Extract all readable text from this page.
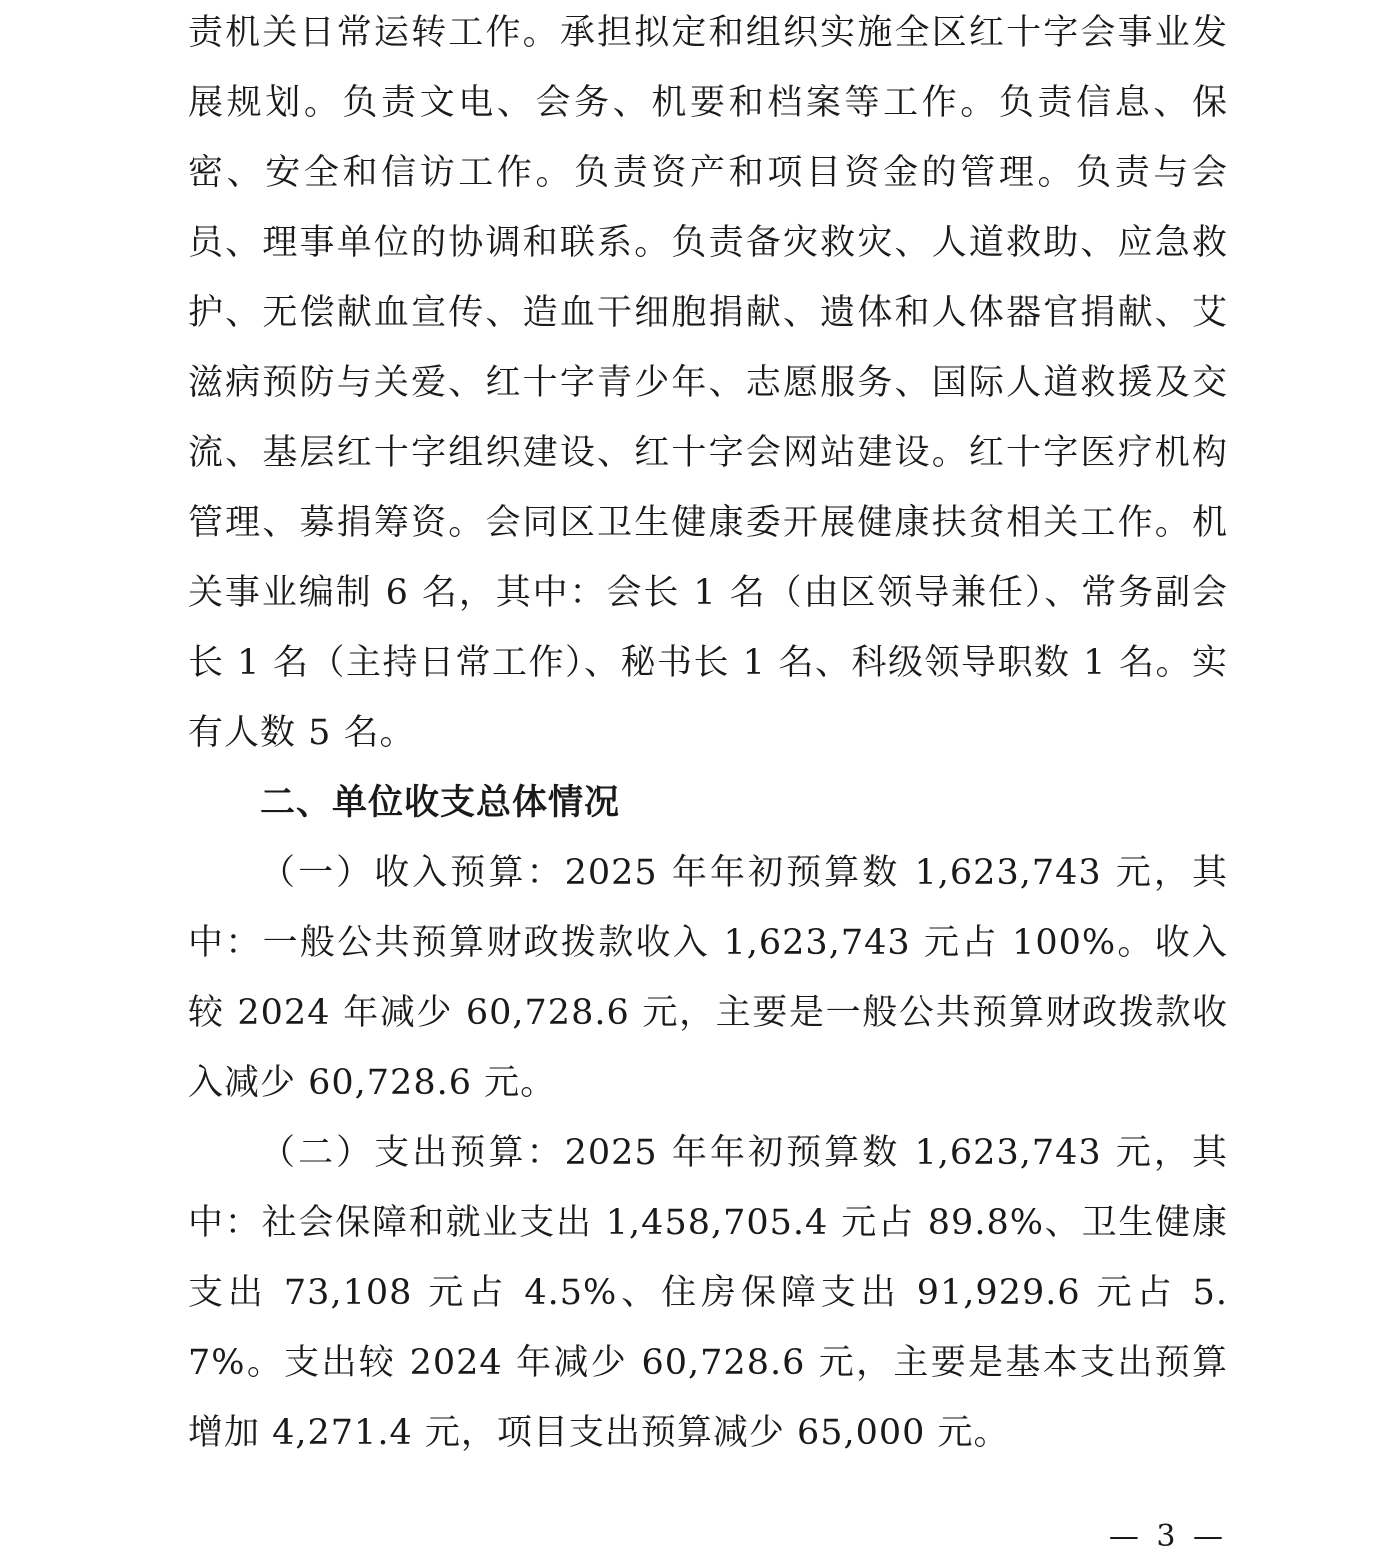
责机关日常运转工作。承担拟定和组织实施全区红十字会事业发展规划。负责文电、会务、机要和档案等工作。负责信息、保密、安全和信访工作。负责资产和项目资金的管理。负责与会员、理事单位的协调和联系。负责备灾救灾、人道救助、应急救护、无偿献血宣传、造血干细胞捐献、遗体和人体器官捐献、艾滋病预防与关爱、红十字青少年、志愿服务、国际人道救援及交流、基层红十字组织建设、红十字会网站建设。红十字医疗机构管理、募捐筹资。会同区卫生健康委开展健康扶贫相关工作。机关事业编制 6 名，其中：会长 1 名（由区领导兼任）、常务副会长 1 名（主持日常工作）、秘书长 1 名、科级领导职数 1 名。实有人数 5 名。

二、单位收支总体情况

（一）收入预算：2025 年年初预算数 1,623,743 元，其中：一般公共预算财政拨款收入 1,623,743 元占 100%。收入较 2024 年减少 60,728.6 元，主要是一般公共预算财政拨款收入减少 60,728.6 元。

（二）支出预算：2025 年年初预算数 1,623,743 元，其中：社会保障和就业支出 1,458,705.4 元占 89.8%、卫生健康支出 73,108 元占 4.5%、住房保障支出 91,929.6 元占 5.7%。支出较 2024 年减少 60,728.6 元，主要是基本支出预算增加 4,271.4 元，项目支出预算减少 65,000 元。

— 3 —
